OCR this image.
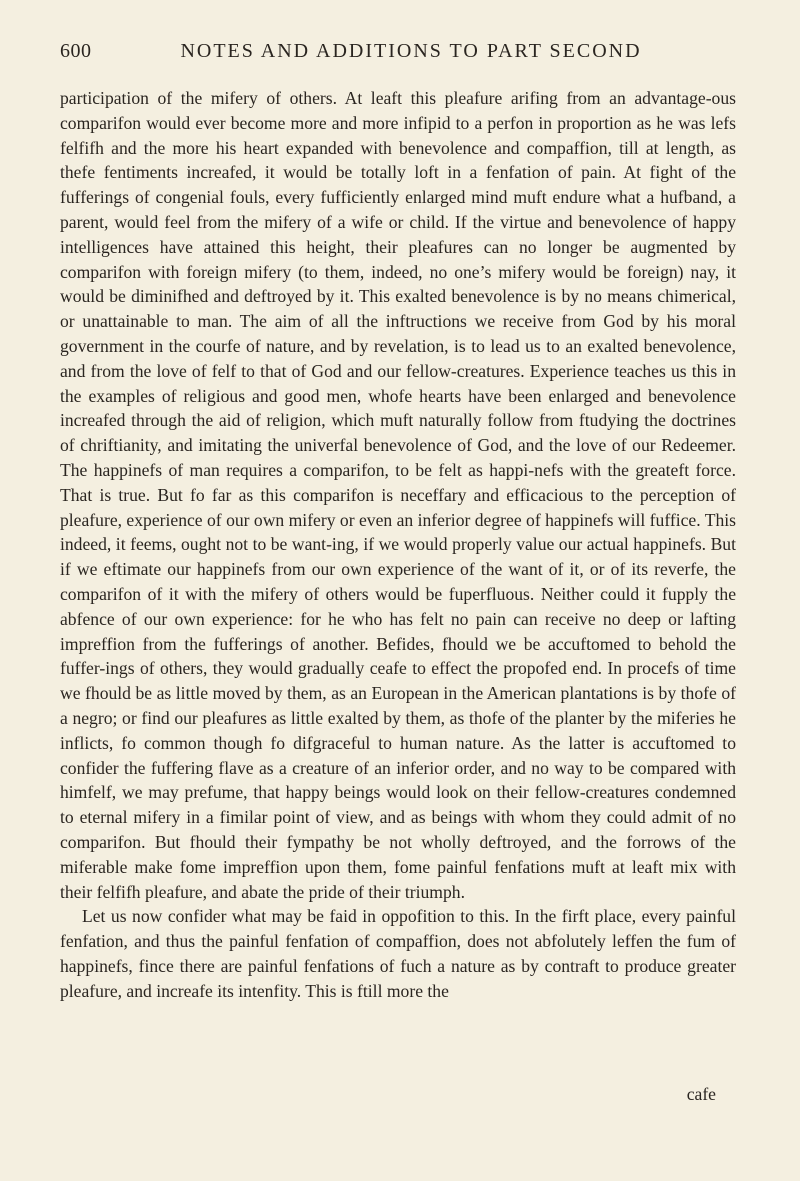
600	NOTES AND ADDITIONS TO PART SECOND

participation of the mifery of others. At leaft this pleafure arifing from an advantage-ous comparifon would ever become more and more infipid to a perfon in proportion as he was lefs felfifh and the more his heart expanded with benevolence and compaffion, till at length, as thefe fentiments increafed, it would be totally loft in a fenfation of pain. At fight of the fufferings of congenial fouls, every fufficiently enlarged mind muft endure what a hufband, a parent, would feel from the mifery of a wife or child. If the virtue and benevolence of happy intelligences have attained this height, their pleafures can no longer be augmented by comparifon with foreign mifery (to them, indeed, no one’s mifery would be foreign) nay, it would be diminifhed and deftroyed by it. This exalted benevolence is by no means chimerical, or unattainable to man. The aim of all the inftructions we receive from God by his moral government in the courfe of nature, and by revelation, is to lead us to an exalted benevolence, and from the love of felf to that of God and our fellow-creatures. Experience teaches us this in the examples of religious and good men, whofe hearts have been enlarged and benevolence increafed through the aid of religion, which muft naturally follow from ftudying the doctrines of chriftianity, and imitating the univerfal benevolence of God, and the love of our Redeemer. The happinefs of man requires a comparifon, to be felt as happi-nefs with the greateft force. That is true. But fo far as this comparifon is neceffary and efficacious to the perception of pleafure, experience of our own mifery or even an inferior degree of happinefs will fuffice. This indeed, it feems, ought not to be want-ing, if we would properly value our actual happinefs. But if we eftimate our happinefs from our own experience of the want of it, or of its reverfe, the comparifon of it with the mifery of others would be fuperfluous. Neither could it fupply the abfence of our own experience: for he who has felt no pain can receive no deep or lafting impreffion from the fufferings of another. Befides, fhould we be accuftomed to behold the fuffer-ings of others, they would gradually ceafe to effect the propofed end. In procefs of time we fhould be as little moved by them, as an European in the American plantations is by thofe of a negro; or find our pleafures as little exalted by them, as thofe of the planter by the miferies he inflicts, fo common though fo difgraceful to human nature. As the latter is accuftomed to confider the fuffering flave as a creature of an inferior order, and no way to be compared with himfelf, we may prefume, that happy beings would look on their fellow-creatures condemned to eternal mifery in a fimilar point of view, and as beings with whom they could admit of no comparifon. But fhould their fympathy be not wholly deftroyed, and the forrows of the miferable make fome impreffion upon them, fome painful fenfations muft at leaft mix with their felfifh pleafure, and abate the pride of their triumph.

Let us now confider what may be faid in oppofition to this. In the firft place, every painful fenfation, and thus the painful fenfation of compaffion, does not abfolutely leffen the fum of happinefs, fince there are painful fenfations of fuch a nature as by contraft to produce greater pleafure, and increafe its intenfity. This is ftill more the

cafe
